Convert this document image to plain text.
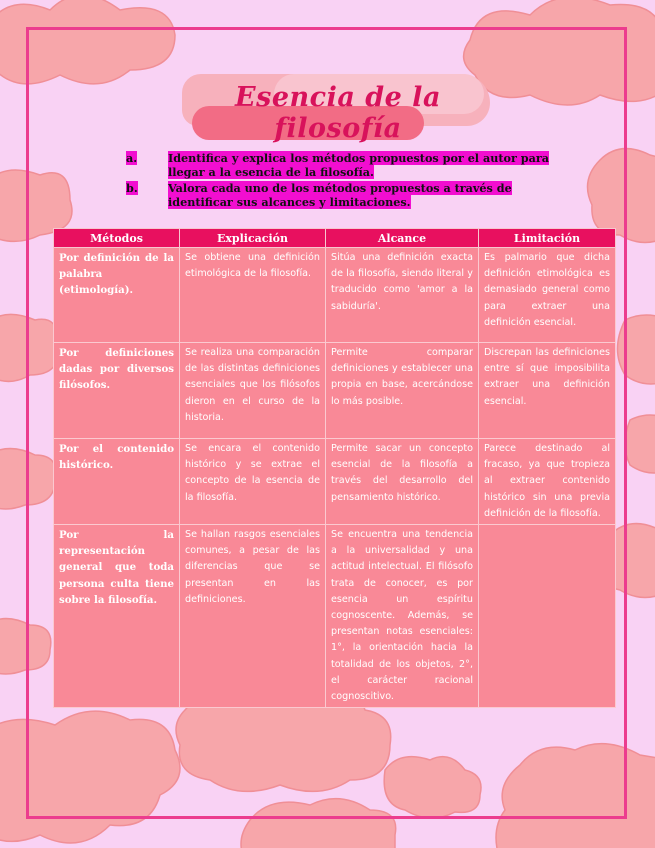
Esencia de la filosofía
a.	Identifica y explica los métodos propuestos por el autor para llegar a la esencia de la filosofía.
b.	Valora cada uno de los métodos propuestos a través de identificar sus alcances y limitaciones.
Métodos	Explicación	Alcance	Limitación
Por definición de la palabra (etimología).	Se obtiene una definición etimológica de la filosofía.	Sitúa una definición exacta de la filosofía, siendo literal y traducido como 'amor a la sabiduría'.	Es palmario que dicha definición etimológica es demasiado general como para extraer una definición esencial.
Por definiciones dadas por diversos filósofos.	Se realiza una comparación de las distintas definiciones esenciales que los filósofos dieron en el curso de la historia.	Permite comparar definiciones y establecer una propia en base, acercándose lo más posible.	Discrepan las definiciones entre sí que imposibilita extraer una definición esencial.
Por el contenido histórico.	Se encara el contenido histórico y se extrae el concepto de la esencia de la filosofía.	Permite sacar un concepto esencial de la filosofía a través del desarrollo del pensamiento histórico.	Parece destinado al fracaso, ya que tropieza al extraer contenido histórico sin una previa definición de la filosofía.
Por la representación general que toda persona culta tiene sobre la filosofía.	Se hallan rasgos esenciales comunes, a pesar de las diferencias que se presentan en las definiciones.	Se encuentra una tendencia a la universalidad y una actitud intelectual. El filósofo trata de conocer, es por esencia un espíritu cognoscente. Además, se presentan notas esenciales: 1°, la orientación hacia la totalidad de los objetos, 2°, el carácter racional cognoscitivo.	
